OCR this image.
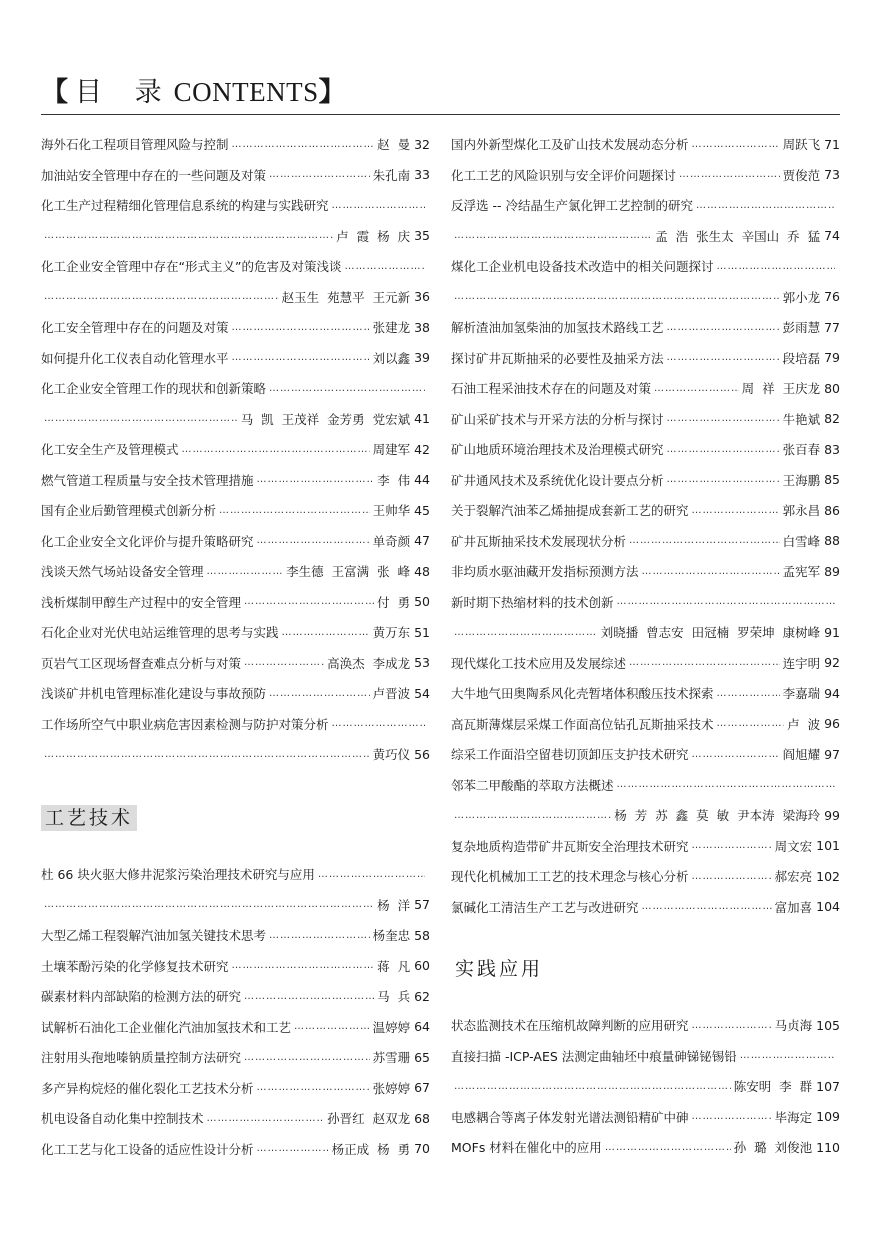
【 目 录CONTENTS】
海外石化工程项目管理风险与控制 …………………………………………………………………………………………………………………………………………………………	赵 曼 32
加油站安全管理中存在的一些问题及对策 …………………………………………………………………………………………………………………………………………………………	朱孔南 33
化工生产过程精细化管理信息系统的构建与实践研究
…………………………………………………………………………………………………………………………………………………………
…………………………………………………………………………………………………………………………………………………………
卢 霞 杨 庆 35
化工企业安全管理中存在“形式主义”的危害及对策浅谈
…………………………………………………………………………………………………………………………………………………………
…………………………………………………………………………………………………………………………………………………………
赵玉生 苑慧平 王元新 36
化工安全管理中存在的问题及对策 …………………………………………………………………………………………………………………………………………………………	张建龙 38
如何提升化工仪表自动化管理水平 …………………………………………………………………………………………………………………………………………………………	刘以鑫 39
化工企业安全管理工作的现状和创新策略
…………………………………………………………………………………………………………………………………………………………
…………………………………………………………………………………………………………………………………………………………
马 凯 王茂祥 金芳勇 党宏斌 41
化工安全生产及管理模式 …………………………………………………………………………………………………………………………………………………………	周建军 42
燃气管道工程质量与安全技术管理措施 …………………………………………………………………………………………………………………………………………………………	李 伟 44
国有企业后勤管理模式创新分析 …………………………………………………………………………………………………………………………………………………………	王帅华 45
化工企业安全文化评价与提升策略研究 …………………………………………………………………………………………………………………………………………………………	单奇颜 47
浅谈天然气场站设备安全管理 …………………………………………………………………………………………………………………………………………………………	李生德 王富满 张 峰 48
浅析煤制甲醇生产过程中的安全管理 …………………………………………………………………………………………………………………………………………………………	付 勇 50
石化企业对光伏电站运维管理的思考与实践 …………………………………………………………………………………………………………………………………………………………	黄万东 51
页岩气工区现场督查难点分析与对策 …………………………………………………………………………………………………………………………………………………………	高涣杰 李成龙 53
浅谈矿井机电管理标准化建设与事故预防 …………………………………………………………………………………………………………………………………………………………	卢晋波 54
工作场所空气中职业病危害因素检测与防护对策分析
…………………………………………………………………………………………………………………………………………………………
…………………………………………………………………………………………………………………………………………………………
黄巧仪 56
杜 66 块火驱大修井泥浆污染治理技术研究与应用
…………………………………………………………………………………………………………………………………………………………
…………………………………………………………………………………………………………………………………………………………
杨 洋 57
大型乙烯工程裂解汽油加氢关键技术思考 …………………………………………………………………………………………………………………………………………………………	杨奎忠 58
土壤苯酚污染的化学修复技术研究 …………………………………………………………………………………………………………………………………………………………	蒋 凡 60
碳素材料内部缺陷的检测方法的研究 …………………………………………………………………………………………………………………………………………………………	马 兵 62
试解析石油化工企业催化汽油加氢技术和工艺 …………………………………………………………………………………………………………………………………………………………	温婷婷 64
注射用头孢地嗪钠质量控制方法研究 …………………………………………………………………………………………………………………………………………………………	苏雪珊 65
多产异构烷烃的催化裂化工艺技术分析 …………………………………………………………………………………………………………………………………………………………	张婷婷 67
机电设备自动化集中控制技术 …………………………………………………………………………………………………………………………………………………………	孙晋红 赵双龙 68
化工工艺与化工设备的适应性设计分析 …………………………………………………………………………………………………………………………………………………………	杨正成 杨 勇 70
国内外新型煤化工及矿山技术发展动态分析 …………………………………………………………………………………………………………………………………………………………	周跃飞 71
化工工艺的风险识别与安全评价问题探讨 …………………………………………………………………………………………………………………………………………………………	贾俊范 73
反浮选 -- 冷结晶生产氯化钾工艺控制的研究
…………………………………………………………………………………………………………………………………………………………
…………………………………………………………………………………………………………………………………………………………
孟 浩 张生太 辛国山 乔 猛 74
煤化工企业机电设备技术改造中的相关问题探讨
…………………………………………………………………………………………………………………………………………………………
…………………………………………………………………………………………………………………………………………………………
郭小龙 76
解析渣油加氢柴油的加氢技术路线工艺 …………………………………………………………………………………………………………………………………………………………	彭雨慧 77
探讨矿井瓦斯抽采的必要性及抽采方法 …………………………………………………………………………………………………………………………………………………………	段培磊 79
石油工程采油技术存在的问题及对策 …………………………………………………………………………………………………………………………………………………………	周 祥 王庆龙 80
矿山采矿技术与开采方法的分析与探讨 …………………………………………………………………………………………………………………………………………………………	牛艳斌 82
矿山地质环境治理技术及治理模式研究 …………………………………………………………………………………………………………………………………………………………	张百春 83
矿井通风技术及系统优化设计要点分析 …………………………………………………………………………………………………………………………………………………………	王海鹏 85
关于裂解汽油苯乙烯抽提成套新工艺的研究 …………………………………………………………………………………………………………………………………………………………	郭永昌 86
矿井瓦斯抽采技术发展现状分析 …………………………………………………………………………………………………………………………………………………………	白雪峰 88
非均质水驱油藏开发指标预测方法 …………………………………………………………………………………………………………………………………………………………	孟宪军 89
新时期下热缩材料的技术创新
…………………………………………………………………………………………………………………………………………………………
…………………………………………………………………………………………………………………………………………………………
刘晓播 曾志安 田冠楠 罗荣坤 康树峰 91
现代煤化工技术应用及发展综述 …………………………………………………………………………………………………………………………………………………………	连宇明 92
大牛地气田奥陶系风化壳暂堵体积酸压技术探索 …………………………………………………………………………………………………………………………………………………………	李嘉瑞 94
高瓦斯薄煤层采煤工作面高位钻孔瓦斯抽采技术 …………………………………………………………………………………………………………………………………………………………	卢 波 96
综采工作面沿空留巷切顶卸压支护技术研究 …………………………………………………………………………………………………………………………………………………………	阎旭耀 97
邻苯二甲酸酯的萃取方法概述
…………………………………………………………………………………………………………………………………………………………
…………………………………………………………………………………………………………………………………………………………
杨 芳 苏 鑫 莫 敏 尹本涛 梁海玲 99
复杂地质构造带矿井瓦斯安全治理技术研究 …………………………………………………………………………………………………………………………………………………………	周文宏 101
现代化机械加工工艺的技术理念与核心分析 …………………………………………………………………………………………………………………………………………………………	郝宏亮 102
氯碱化工清洁生产工艺与改进研究 …………………………………………………………………………………………………………………………………………………………	富加喜 104
状态监测技术在压缩机故障判断的应用研究 …………………………………………………………………………………………………………………………………………………………	马贞海 105
直接扫描 -ICP-AES 法测定曲轴坯中痕量砷锑铋锡铅
…………………………………………………………………………………………………………………………………………………………
…………………………………………………………………………………………………………………………………………………………
陈安明 李 群 107
电感耦合等离子体发射光谱法测铅精矿中砷 …………………………………………………………………………………………………………………………………………………………	毕海定 109
MOFs 材料在催化中的应用 …………………………………………………………………………………………………………………………………………………………	孙 璐 刘俊池 110
工艺技术
实践应用
